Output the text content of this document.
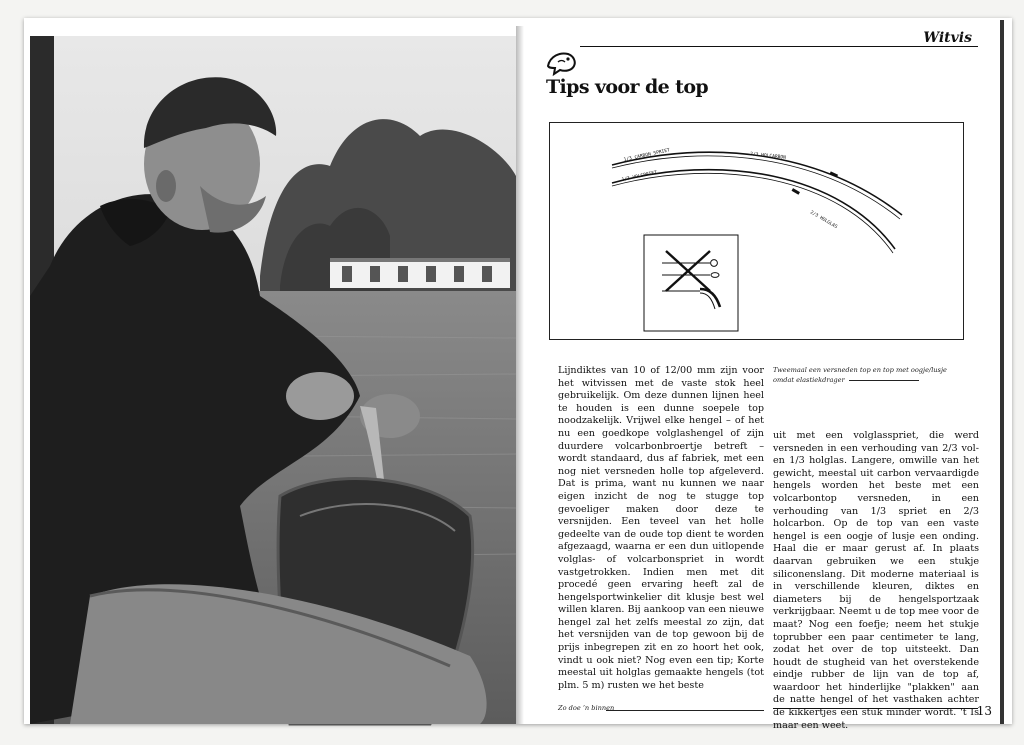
Witvis
Tips voor de top
1/3 CARBON SPRIET	2/3 HOLCARBON
1/3 VOLSPRIET
2/3 HOLGLAS
Tweemaal een versneden top en top met oogje/lusje omdat elastiekdrager

Lijndiktes van 10 of 12/00 mm zijn voor het witvissen met de vaste stok heel gebruikelijk. Om deze dunnen lijnen heel te houden is een dunne soepele top noodzakelijk. Vrijwel elke hengel – of het nu een goedkope volglashengel of zijn duurdere volcarbonbroertje betreft – wordt standaard, dus af fabriek, met een nog niet versneden holle top afgeleverd. Dat is prima, want nu kunnen we naar eigen inzicht de nog te stugge top gevoeliger maken door deze te versnijden. Een teveel van het holle gedeelte van de oude top dient te worden afgezaagd, waarna er een dun uitlopende volglas- of volcarbonspriet in wordt vastgetrokken. Indien men met dit procedé geen ervaring heeft zal de hengelsportwinkelier dit klusje best wel willen klaren. Bij aankoop van een nieuwe hengel zal het zelfs meestal zo zijn, dat het versnijden van de top gewoon bij de prijs inbegrepen zit en zo hoort het ook, vindt u ook niet? Nog even een tip; Korte meestal uit holglas gemaakte hengels (tot plm. 5 m) rusten we het beste

uit met een volglasspriet, die werd versneden in een verhouding van 2/3 vol- en 1/3 holglas. Langere, omwille van het gewicht, meestal uit carbon vervaardigde hengels worden het beste met een volcarbontop versneden, in een verhouding van 1/3 spriet en 2/3 holcarbon. Op de top van een vaste hengel is een oogje of lusje een onding. Haal die er maar gerust af. In plaats daarvan gebruiken we een stukje siliconenslang. Dit moderne materiaal is in verschillende kleuren, diktes en diameters bij de hengelsportzaak verkrijgbaar. Neemt u de top mee voor de maat? Nog een foefje; neem het stukje toprubber een paar centimeter te lang, zodat het over de top uitsteekt. Dan houdt de stugheid van het overstekende eindje rubber de lijn van de top af, waardoor het hinderlijke "plakken" aan de natte hengel of het vasthaken achter de kikkertjes een stuk minder wordt. 't Is maar een weet.

Zo doe ’n binnen	13
